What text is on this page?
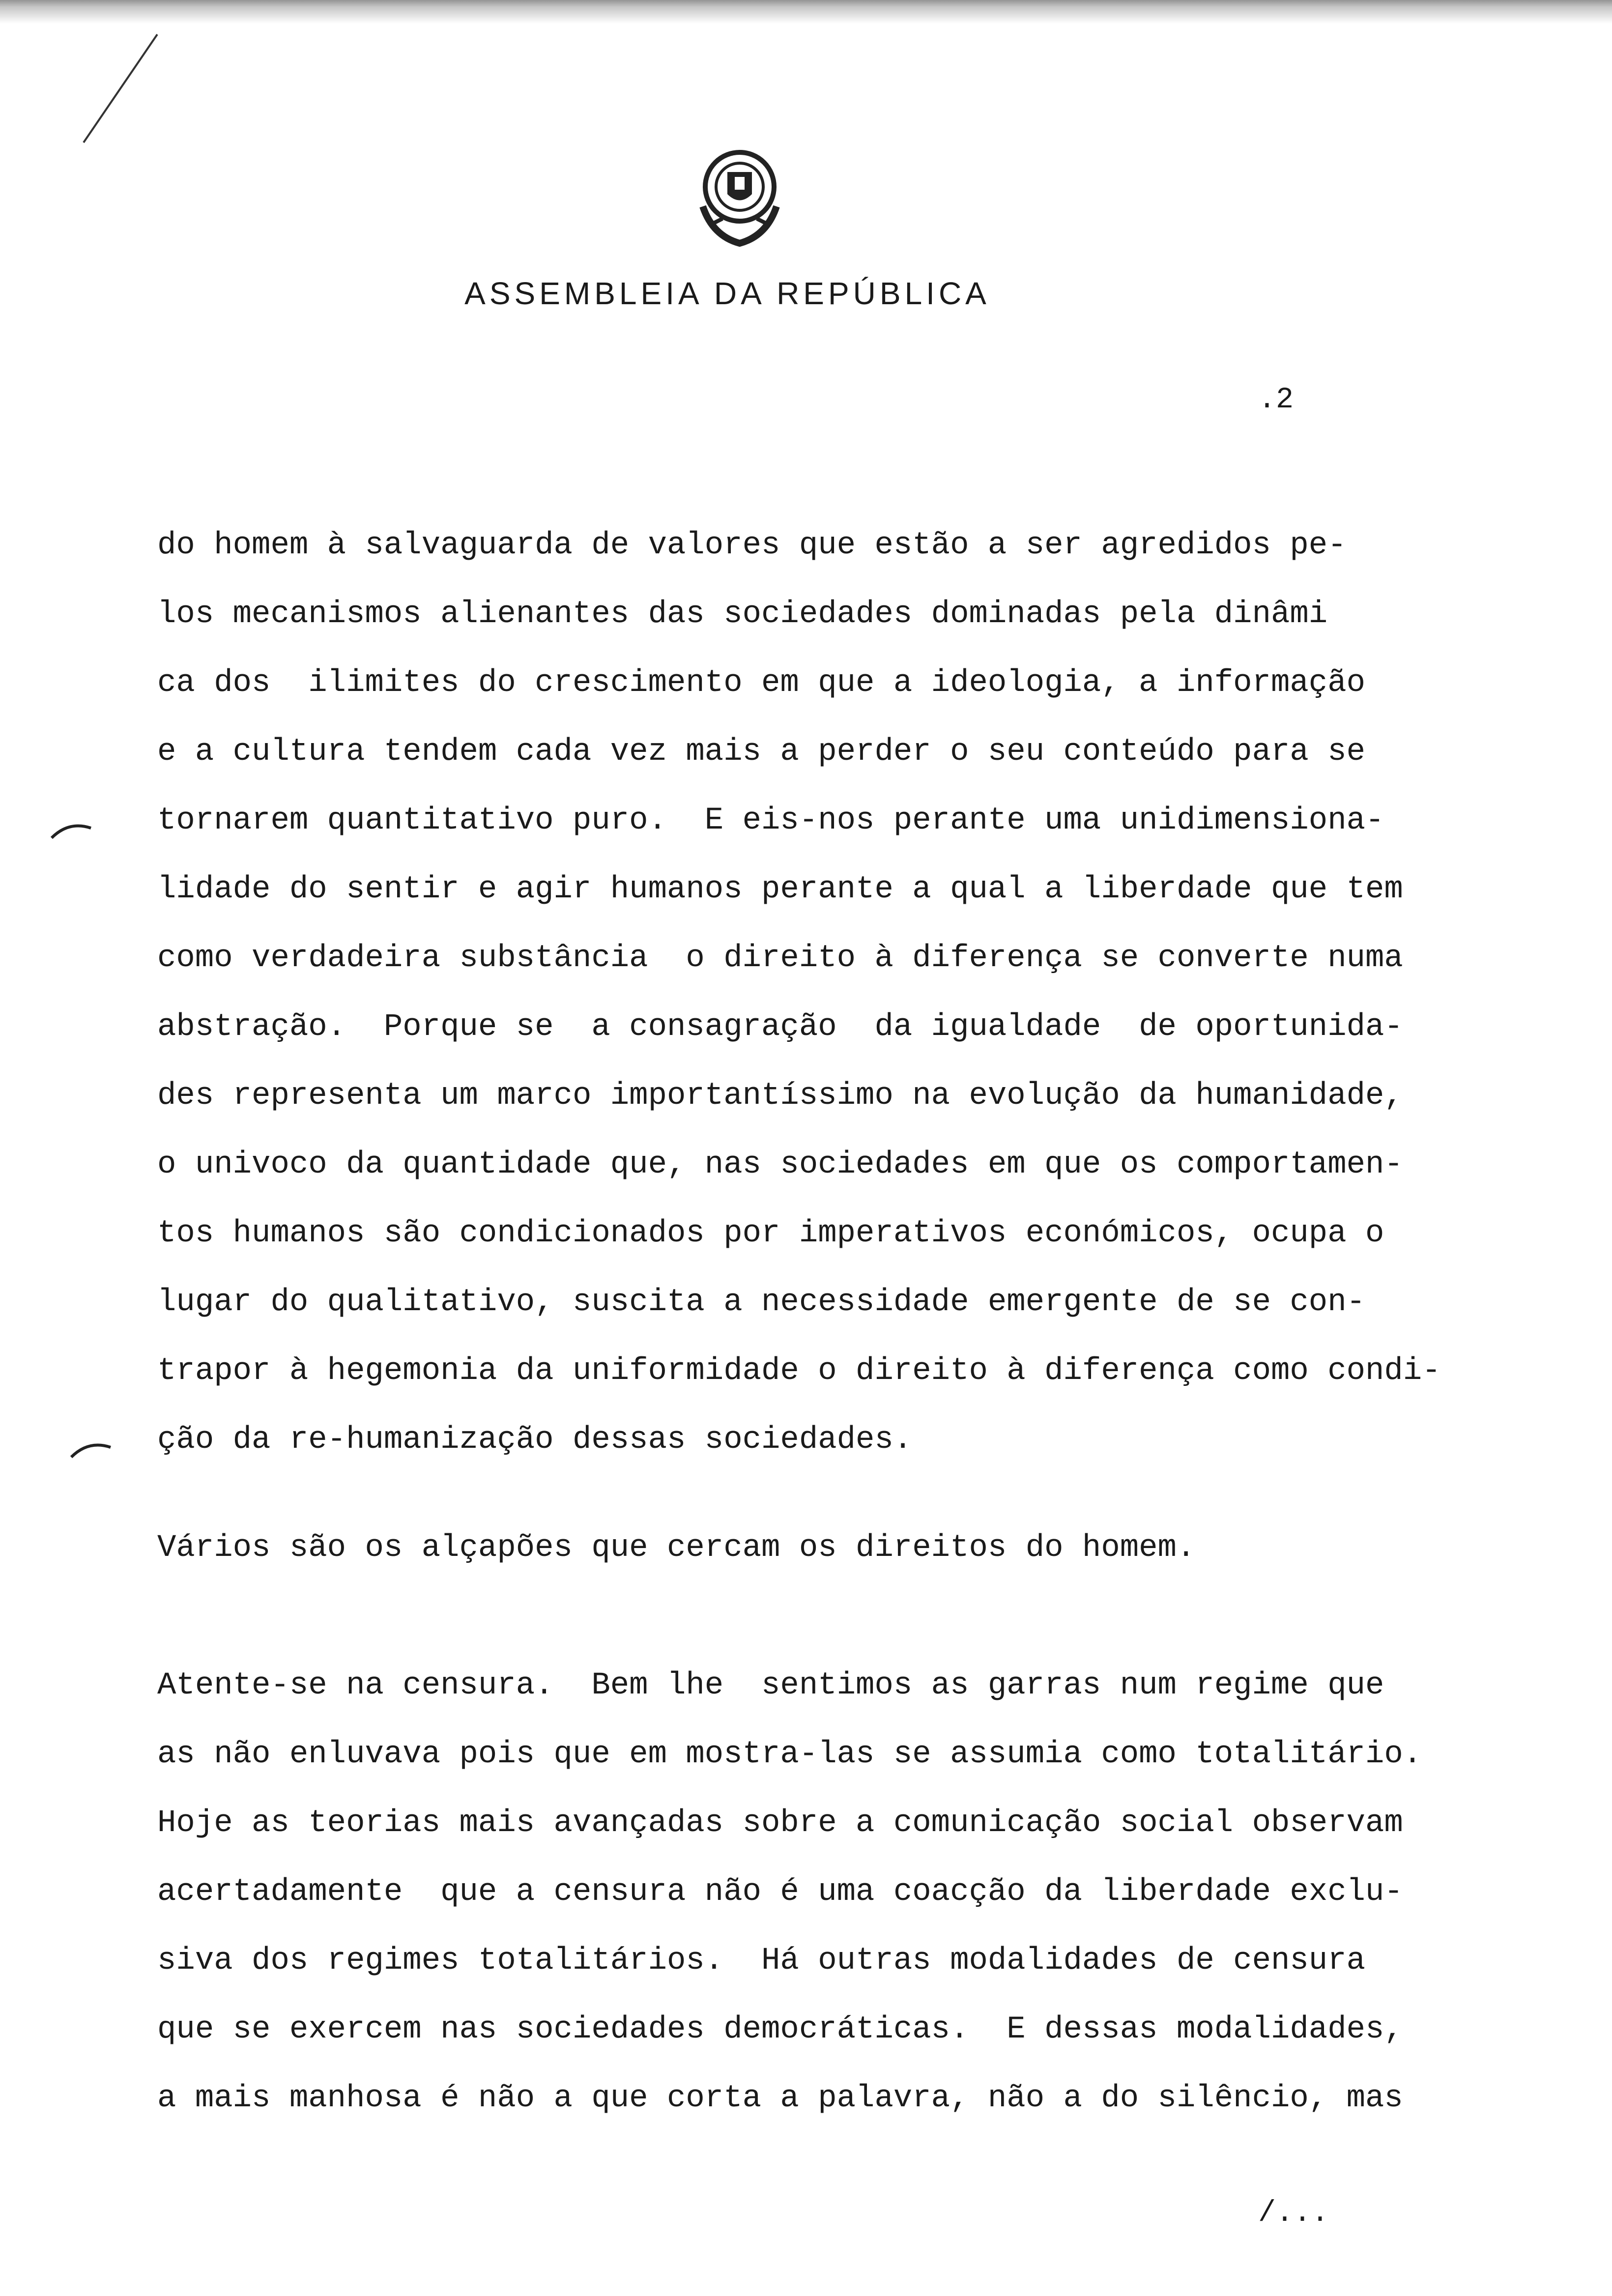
ASSEMBLEIA DA REPÚBLICA
.2
do homem à salvaguarda de valores que estão a ser agredidos pe-
los mecanismos alienantes das sociedades dominadas pela dinâmi
ca dos  ilimites do crescimento em que a ideologia, a informação
e a cultura tendem cada vez mais a perder o seu conteúdo para se
tornarem quantitativo puro.  E eis-nos perante uma unidimensiona-
lidade do sentir e agir humanos perante a qual a liberdade que tem
como verdadeira substância  o direito à diferença se converte numa
abstração.  Porque se  a consagração  da igualdade  de oportunida-
des representa um marco importantíssimo na evolução da humanidade,
o univoco da quantidade que, nas sociedades em que os comportamen-
tos humanos são condicionados por imperativos económicos, ocupa o
lugar do qualitativo, suscita a necessidade emergente de se con-
trapor à hegemonia da uniformidade o direito à diferença como condi-
ção da re-humanização dessas sociedades.
Vários são os alçapões que cercam os direitos do homem.
Atente-se na censura.  Bem lhe  sentimos as garras num regime que
as não enluvava pois que em mostra-las se assumia como totalitário.
Hoje as teorias mais avançadas sobre a comunicação social observam
acertadamente  que a censura não é uma coacção da liberdade exclu-
siva dos regimes totalitários.  Há outras modalidades de censura
que se exercem nas sociedades democráticas.  E dessas modalidades,
a mais manhosa é não a que corta a palavra, não a do silêncio, mas
/...
